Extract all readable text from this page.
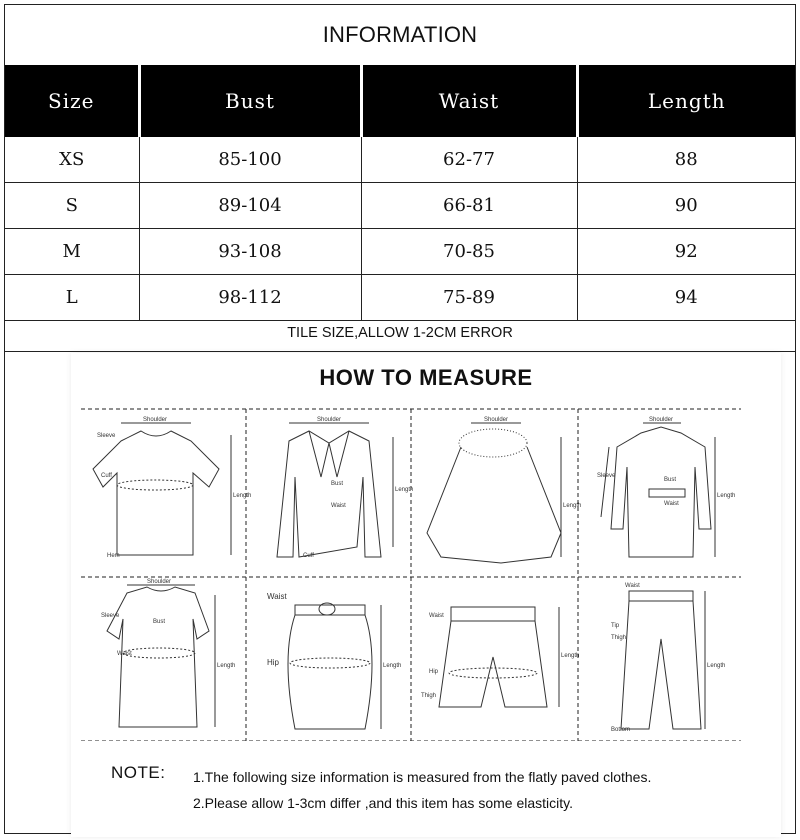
INFORMATION
Size	Bust	Waist	Length
XS	85-100	62-77	88
S	89-104	66-81	90
M	93-108	70-85	92
L	98-112	75-89	94
TILE SIZE,ALLOW 1-2CM ERROR
HOW TO MEASURE
Shoulder
Sleeve
Cuff
Hem
Length
Shoulder
Bust
Waist
Cuff
Length
Shoulder
Length
Shoulder
Bust
Waist
Sleeve
Length
Shoulder
Bust
Waist
Sleeve
Length
Waist
Hip	Length
Waist
Hip
Thigh
Length
Waist
Tip
Thigh
Bottom
Length
NOTE: 1.The following size information is measured from the flatly paved clothes.
2.Please allow 1-3cm differ ,and this item has some elasticity.
